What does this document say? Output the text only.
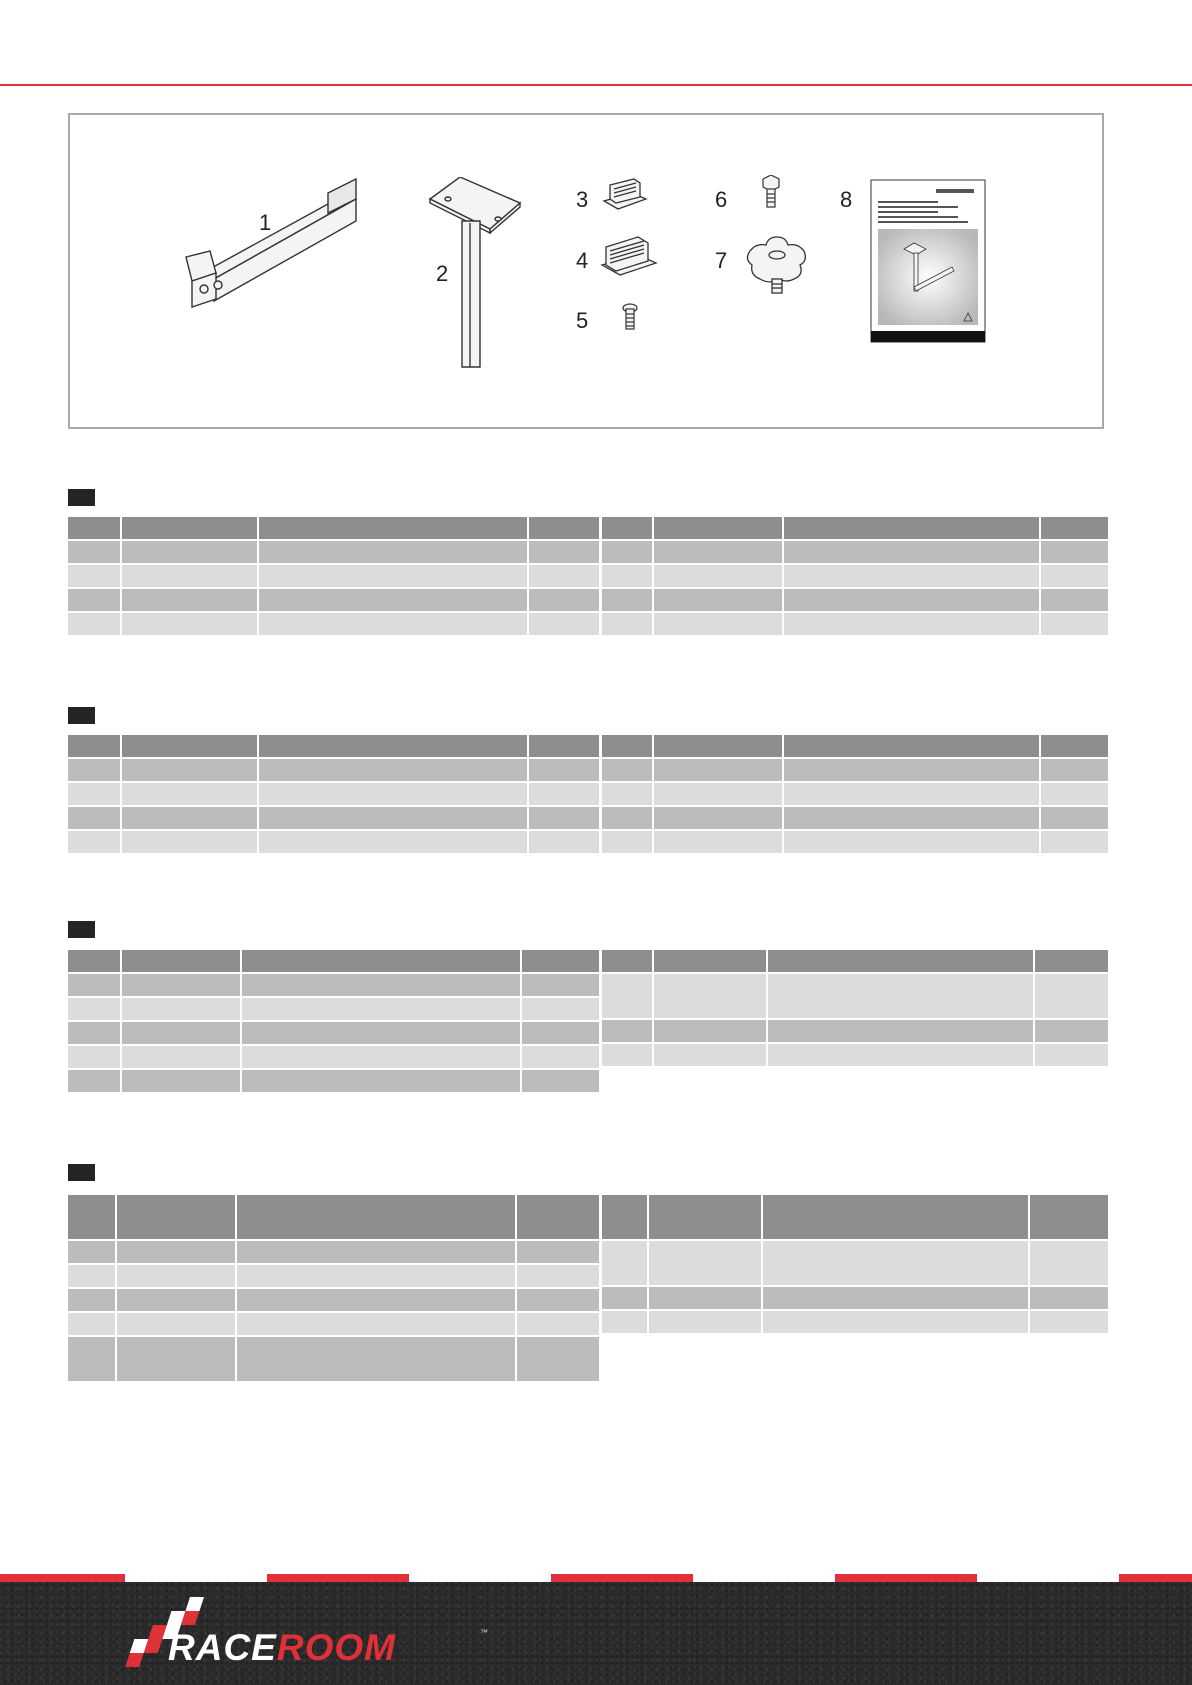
1
2
3
4
5
6
7
8

RACEROOM	™
